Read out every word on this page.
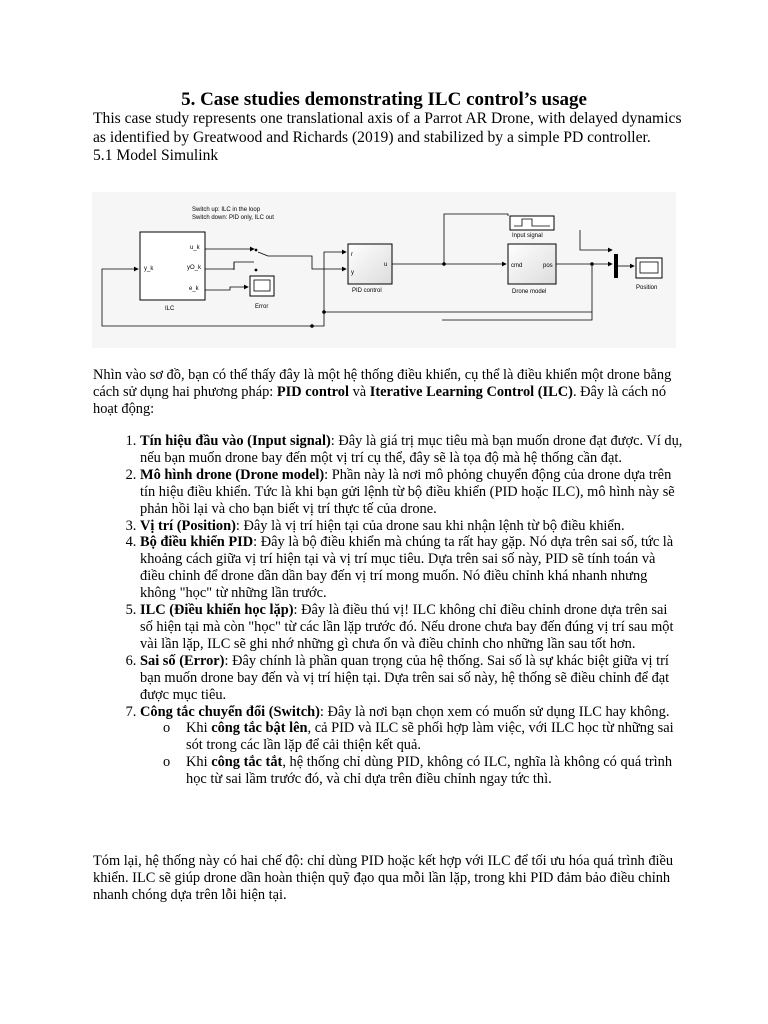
5. Case studies demonstrating ILC control’s usage

This case study represents one translational axis of a Parrot AR Drone, with delayed dynamics as identified by Greatwood and Richards (2019) and stabilized by a simple PD controller.

5.1 Model Simulink

Switch up: ILC in the loop
Switch down: PID only, ILC out
y_k
u_k
yO_k
e_k
ILC	Error
r
y
u
PID control
Input signal
cmd	pos
Drone model
Position

Nhìn vào sơ đồ, bạn có thể thấy đây là một hệ thống điều khiển, cụ thể là điều khiển một drone bằng cách sử dụng hai phương pháp: PID control và Iterative Learning Control (ILC). Đây là cách nó hoạt động:

1. Tín hiệu đầu vào (Input signal): Đây là giá trị mục tiêu mà bạn muốn drone đạt được. Ví dụ, nếu bạn muốn drone bay đến một vị trí cụ thể, đây sẽ là tọa độ mà hệ thống cần đạt.
2. Mô hình drone (Drone model): Phần này là nơi mô phỏng chuyển động của drone dựa trên tín hiệu điều khiển. Tức là khi bạn gửi lệnh từ bộ điều khiển (PID hoặc ILC), mô hình này sẽ phản hồi lại và cho bạn biết vị trí thực tế của drone.
3. Vị trí (Position): Đây là vị trí hiện tại của drone sau khi nhận lệnh từ bộ điều khiển.
4. Bộ điều khiển PID: Đây là bộ điều khiển mà chúng ta rất hay gặp. Nó dựa trên sai số, tức là khoảng cách giữa vị trí hiện tại và vị trí mục tiêu. Dựa trên sai số này, PID sẽ tính toán và điều chỉnh để drone dần dần bay đến vị trí mong muốn. Nó điều chỉnh khá nhanh nhưng không "học" từ những lần trước.
5. ILC (Điều khiển học lặp): Đây là điều thú vị! ILC không chỉ điều chỉnh drone dựa trên sai số hiện tại mà còn "học" từ các lần lặp trước đó. Nếu drone chưa bay đến đúng vị trí sau một vài lần lặp, ILC sẽ ghi nhớ những gì chưa ổn và điều chỉnh cho những lần sau tốt hơn.
6. Sai số (Error): Đây chính là phần quan trọng của hệ thống. Sai số là sự khác biệt giữa vị trí bạn muốn drone bay đến và vị trí hiện tại. Dựa trên sai số này, hệ thống sẽ điều chỉnh để đạt được mục tiêu.
7. Công tắc chuyển đổi (Switch): Đây là nơi bạn chọn xem có muốn sử dụng ILC hay không.
o Khi công tắc bật lên, cả PID và ILC sẽ phối hợp làm việc, với ILC học từ những sai sót trong các lần lặp để cải thiện kết quả.
o Khi công tắc tắt, hệ thống chỉ dùng PID, không có ILC, nghĩa là không có quá trình học từ sai lầm trước đó, và chỉ dựa trên điều chỉnh ngay tức thì.

Tóm lại, hệ thống này có hai chế độ: chỉ dùng PID hoặc kết hợp với ILC để tối ưu hóa quá trình điều khiển. ILC sẽ giúp drone dần hoàn thiện quỹ đạo qua mỗi lần lặp, trong khi PID đảm bảo điều chỉnh nhanh chóng dựa trên lỗi hiện tại.
